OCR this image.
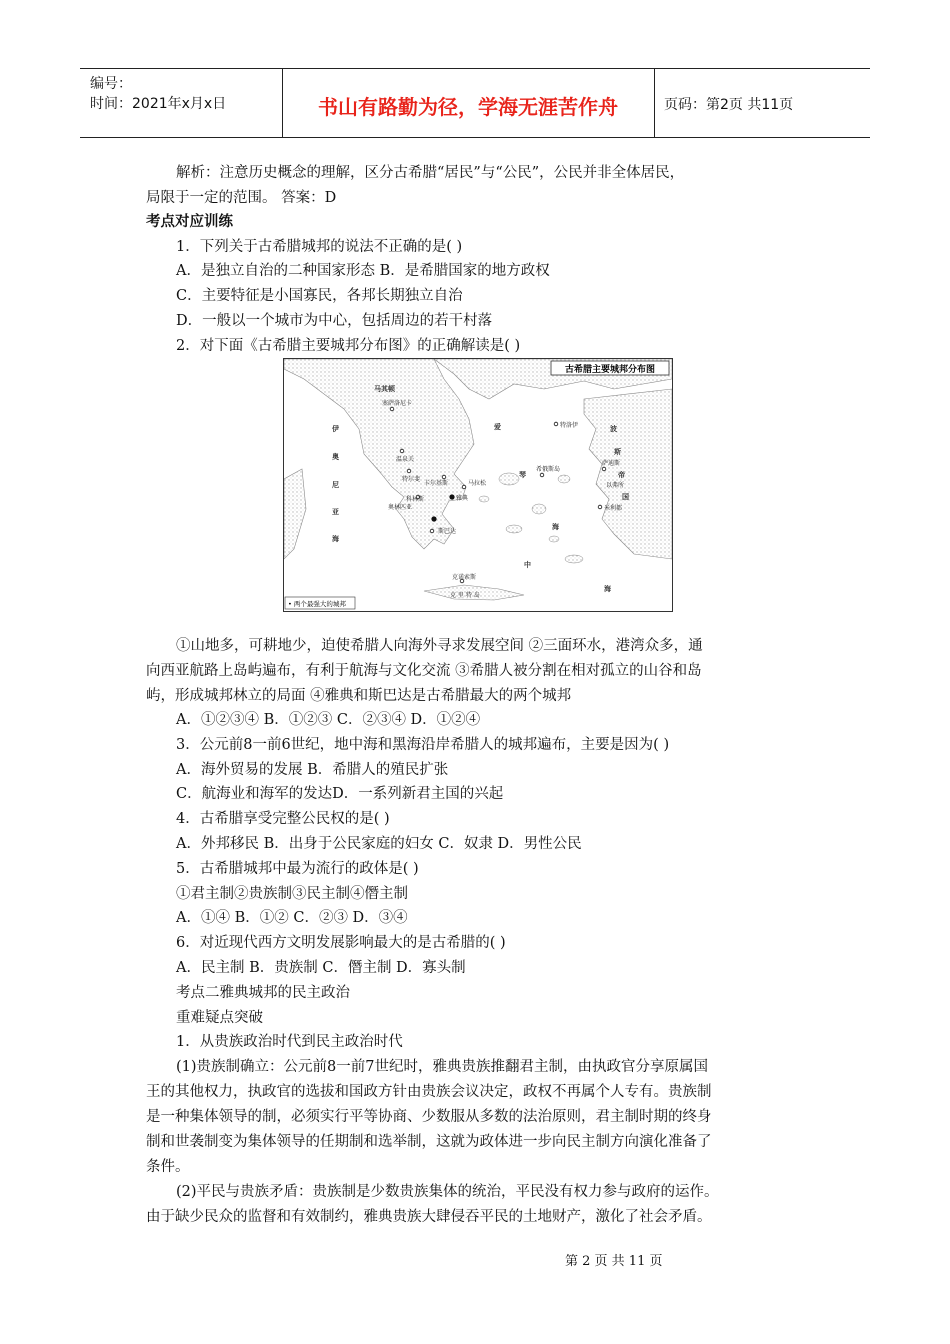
编号：
时间：2021年x月x日	书山有路勤为径，学海无涯苦作舟	页码：第2页 共11页
解析：注意历史概念的理解，区分古希腊“居民”与“公民”，公民并非全体居民，
局限于一定的范围。 答案：D
考点对应训练
1．下列关于古希腊城邦的说法不正确的是( )
A．是独立自治的二种国家形态 B．是希腊国家的地方政权
C．主要特征是小国寡民，各邦长期独立自治
D．一般以一个城市为中心，包括周边的若干村落
2．对下面《古希腊主要城邦分布图》的正确解读是( )
古希腊主要城邦分布图
• 两个最强大的城邦
马其顿
伊
奥
尼
亚
海
爱
琴
海
波
斯
帝
国
中
海
塞萨洛尼卡
特洛伊
温泉关
特尔斐
卡尔基斯	马拉松
雅典
斯巴达
奥林匹亚
科林斯
希俄斯岛
萨迪斯
以弗所
米利都
克诺索斯
克 里 特 岛
①山地多，可耕地少，迫使希腊人向海外寻求发展空间 ②三面环水，港湾众多，通
向西亚航路上岛屿遍布，有利于航海与文化交流 ③希腊人被分割在相对孤立的山谷和岛
屿，形成城邦林立的局面 ④雅典和斯巴达是古希腊最大的两个城邦
A．①②③④ B．①②③ C．②③④ D．①②④
3．公元前8一前6世纪，地中海和黑海沿岸希腊人的城邦遍布，主要是因为( )
A．海外贸易的发展 B．希腊人的殖民扩张
C．航海业和海军的发达D．一系列新君主国的兴起
4．古希腊享受完整公民权的是( )
A．外邦移民 B．出身于公民家庭的妇女 C．奴隶 D．男性公民
5．古希腊城邦中最为流行的政体是( )
①君主制②贵族制③民主制④僭主制
A．①④ B．①② C．②③ D．③④
6．对近现代西方文明发展影响最大的是古希腊的( )
A．民主制 B．贵族制 C．僭主制 D．寡头制
考点二雅典城邦的民主政治
重难疑点突破
1．从贵族政治时代到民主政治时代
(1)贵族制确立：公元前8一前7世纪时，雅典贵族推翻君主制，由执政官分享原属国
王的其他权力，执政官的选拔和国政方针由贵族会议决定，政权不再属个人专有。贵族制
是一种集体领导的制，必须实行平等协商、少数服从多数的法治原则，君主制时期的终身
制和世袭制变为集体领导的任期制和选举制，这就为政体进一步向民主制方向演化准备了
条件。
(2)平民与贵族矛盾：贵族制是少数贵族集体的统治，平民没有权力参与政府的运作。
由于缺少民众的监督和有效制约，雅典贵族大肆侵吞平民的土地财产，激化了社会矛盾。
第 2 页 共 11 页
